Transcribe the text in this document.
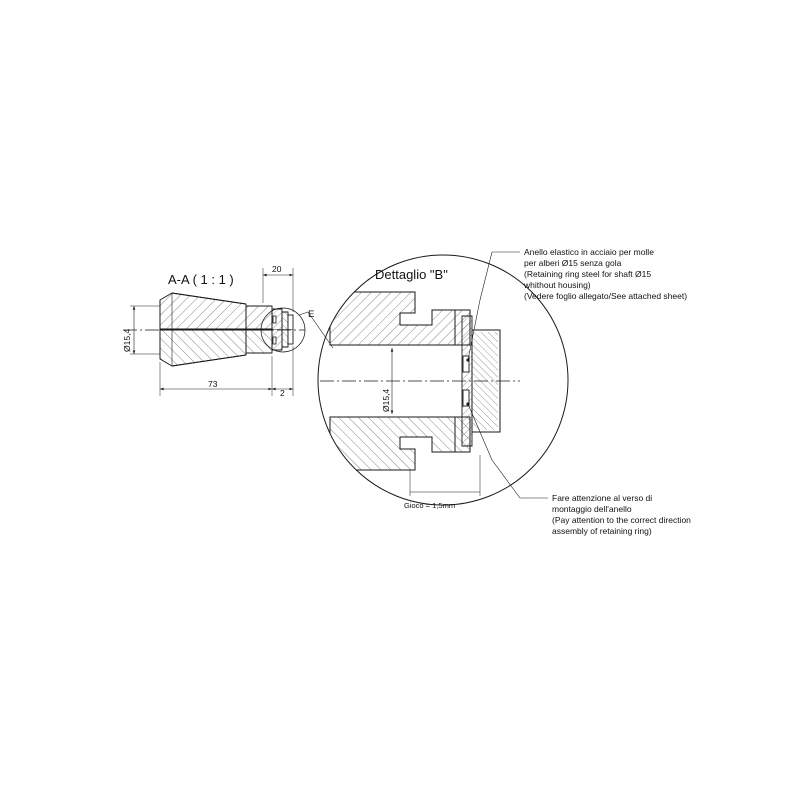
A-A ( 1 : 1 )	Dettaglio "B"
Ø15,4
73
2
20
E
Ø15,4
Gioco = 1,5mm
Anello elastico in acciaio per molle
per alberi Ø15 senza gola
(Retaining ring steel for shaft Ø15
whithout housing)
(Vedere foglio allegato/See attached sheet)
Fare attenzione al verso di
montaggio dell'anello
(Pay attention to the correct direction
assembly of retaining ring)
